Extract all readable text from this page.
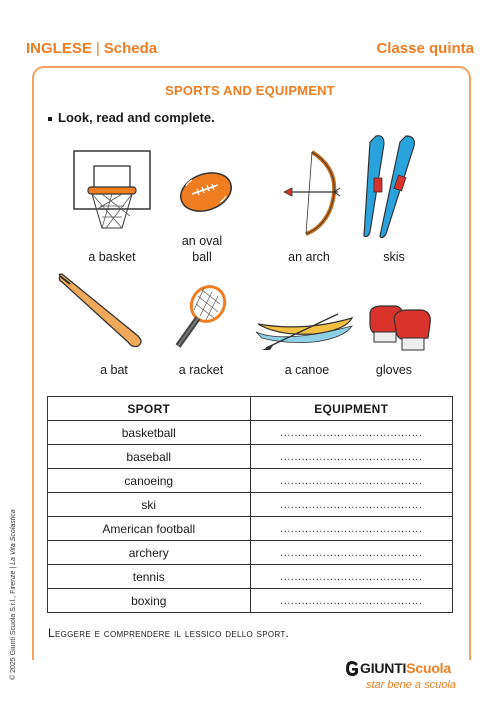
INGLESE | Scheda	Classe quinta
SPORTS AND EQUIPMENT
Look, read and complete.
a basket
an oval
ball	an arch	skis
a bat	a racket	a canoe	gloves
SPORT	EQUIPMENT
basketball	........................................
baseball	........................................
canoeing	........................................
ski	........................................
American football	........................................
archery	........................................
tennis	........................................
boxing	........................................
Leggere e comprendere il lessico dello sport.
© 2025 Giunti Scuola S.r.l., Firenze | La Vita Scolastica
GIUNTIScuola
star bene a scuola
